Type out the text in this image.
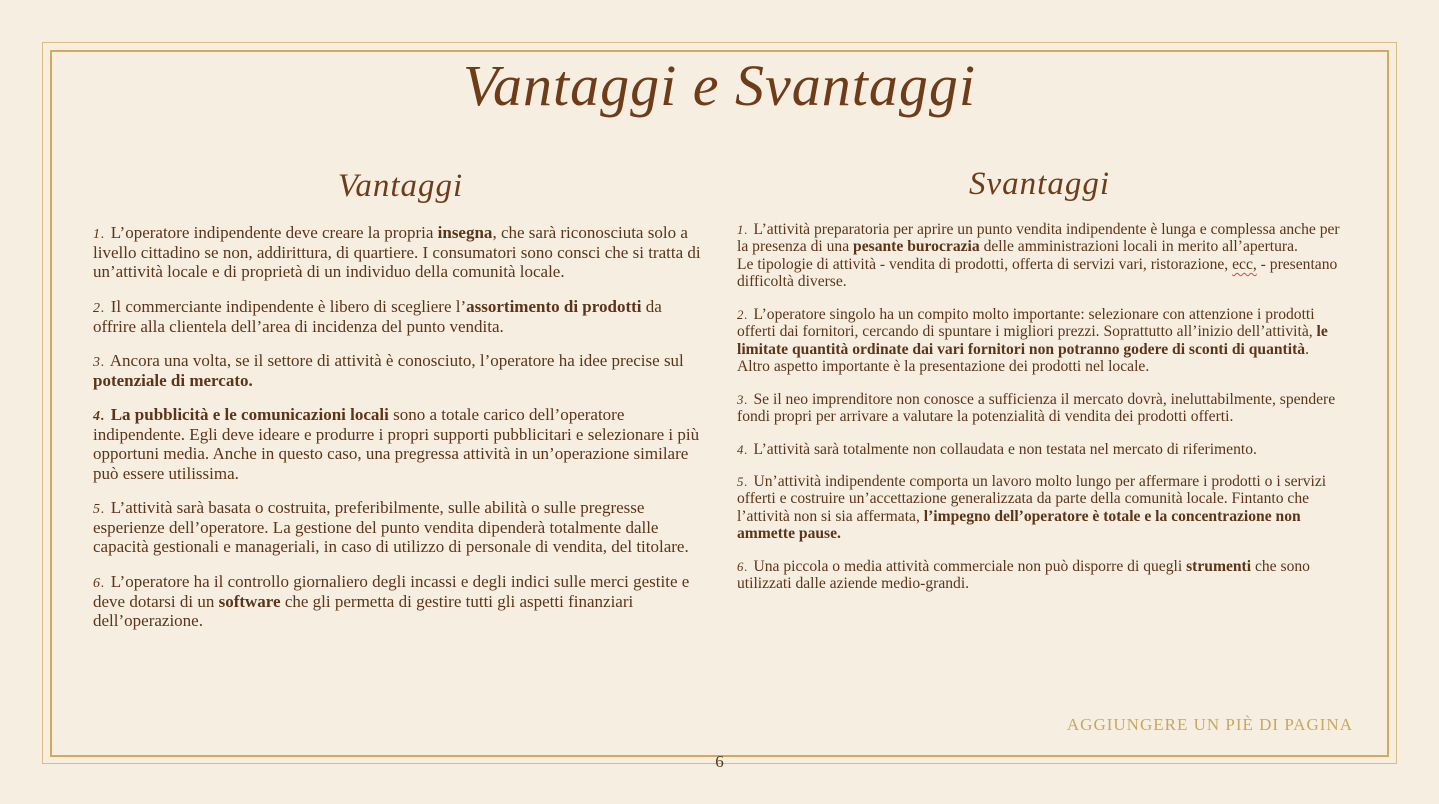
Vantaggi e Svantaggi
Vantaggi
1. L’operatore indipendente deve creare la propria insegna, che sarà riconosciuta solo a livello cittadino se non, addirittura, di quartiere. I consumatori sono consci che si tratta di un’attività locale e di proprietà di un individuo della comunità locale.
2. Il commerciante indipendente è libero di scegliere l’assortimento di prodotti da offrire alla clientela dell’area di incidenza del punto vendita.
3. Ancora una volta, se il settore di attività è conosciuto, l’operatore ha idee precise sul potenziale di mercato.
4. La pubblicità e le comunicazioni locali sono a totale carico dell’operatore indipendente. Egli deve ideare e produrre i propri supporti pubblicitari e selezionare i più opportuni media. Anche in questo caso, una pregressa attività in un’operazione similare può essere utilissima.
5. L’attività sarà basata o costruita, preferibilmente, sulle abilità o sulle pregresse esperienze dell’operatore. La gestione del punto vendita dipenderà totalmente dalle capacità gestionali e manageriali, in caso di utilizzo di personale di vendita, del titolare.
6. L’operatore ha il controllo giornaliero degli incassi e degli indici sulle merci gestite e deve dotarsi di un software che gli permetta di gestire tutti gli aspetti finanziari dell’operazione.
Svantaggi
1. L’attività preparatoria per aprire un punto vendita indipendente è lunga e complessa anche per la presenza di una pesante burocrazia delle amministrazioni locali in merito all’apertura.
Le tipologie di attività - vendita di prodotti, offerta di servizi vari, ristorazione, ecc, - presentano difficoltà diverse.
2. L’operatore singolo ha un compito molto importante: selezionare con attenzione i prodotti offerti dai fornitori, cercando di spuntare i migliori prezzi. Soprattutto all’inizio dell’attività, le limitate quantità ordinate dai vari fornitori non potranno godere di sconti di quantità. Altro aspetto importante è la presentazione dei prodotti nel locale.
3. Se il neo imprenditore non conosce a sufficienza il mercato dovrà, ineluttabilmente, spendere fondi propri per arrivare a valutare la potenzialità di vendita dei prodotti offerti.
4. L’attività sarà totalmente non collaudata e non testata nel mercato di riferimento.
5. Un’attività indipendente comporta un lavoro molto lungo per affermare i prodotti o i servizi offerti e costruire un’accettazione generalizzata da parte della comunità locale. Fintanto che l’attività non si sia affermata, l’impegno dell’operatore è totale e la concentrazione non ammette pause.
6. Una piccola o media attività commerciale non può disporre di quegli strumenti che sono utilizzati dalle aziende medio-grandi.
AGGIUNGERE UN PIÈ DI PAGINA
6
